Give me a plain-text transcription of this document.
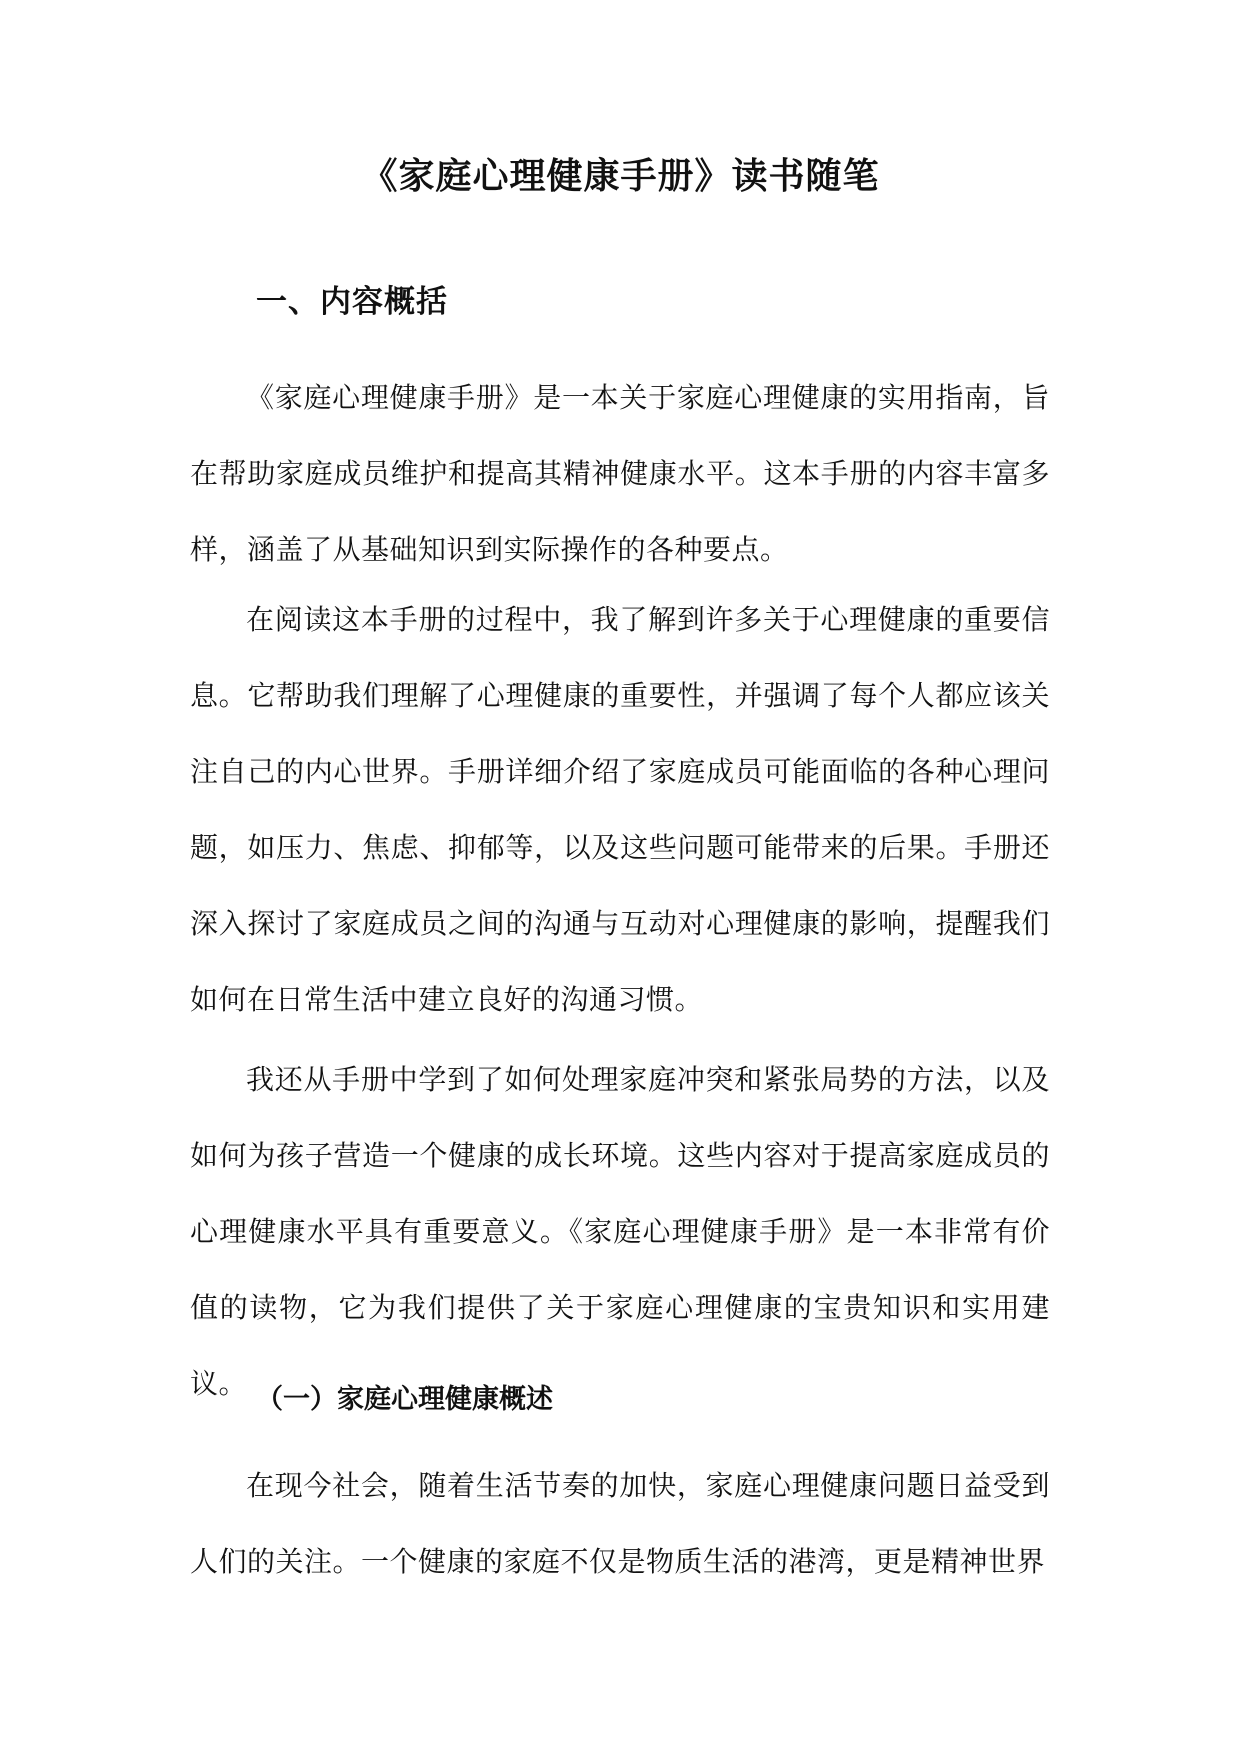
《家庭心理健康手册》读书随笔
一、内容概括

《家庭心理健康手册》是一本关于家庭心理健康的实用指南，旨在帮助家庭成员维护和提高其精神健康水平。这本手册的内容丰富多样，涵盖了从基础知识到实际操作的各种要点。

在阅读这本手册的过程中，我了解到许多关于心理健康的重要信息。它帮助我们理解了心理健康的重要性，并强调了每个人都应该关注自己的内心世界。手册详细介绍了家庭成员可能面临的各种心理问题，如压力、焦虑、抑郁等，以及这些问题可能带来的后果。手册还深入探讨了家庭成员之间的沟通与互动对心理健康的影响，提醒我们如何在日常生活中建立良好的沟通习惯。

我还从手册中学到了如何处理家庭冲突和紧张局势的方法，以及如何为孩子营造一个健康的成长环境。这些内容对于提高家庭成员的心理健康水平具有重要意义。《家庭心理健康手册》是一本非常有价值的读物，它为我们提供了关于家庭心理健康的宝贵知识和实用建议。 （一）家庭心理健康概述

在现今社会，随着生活节奏的加快，家庭心理健康问题日益受到人们的关注。一个健康的家庭不仅是物质生活的港湾，更是精神世界
